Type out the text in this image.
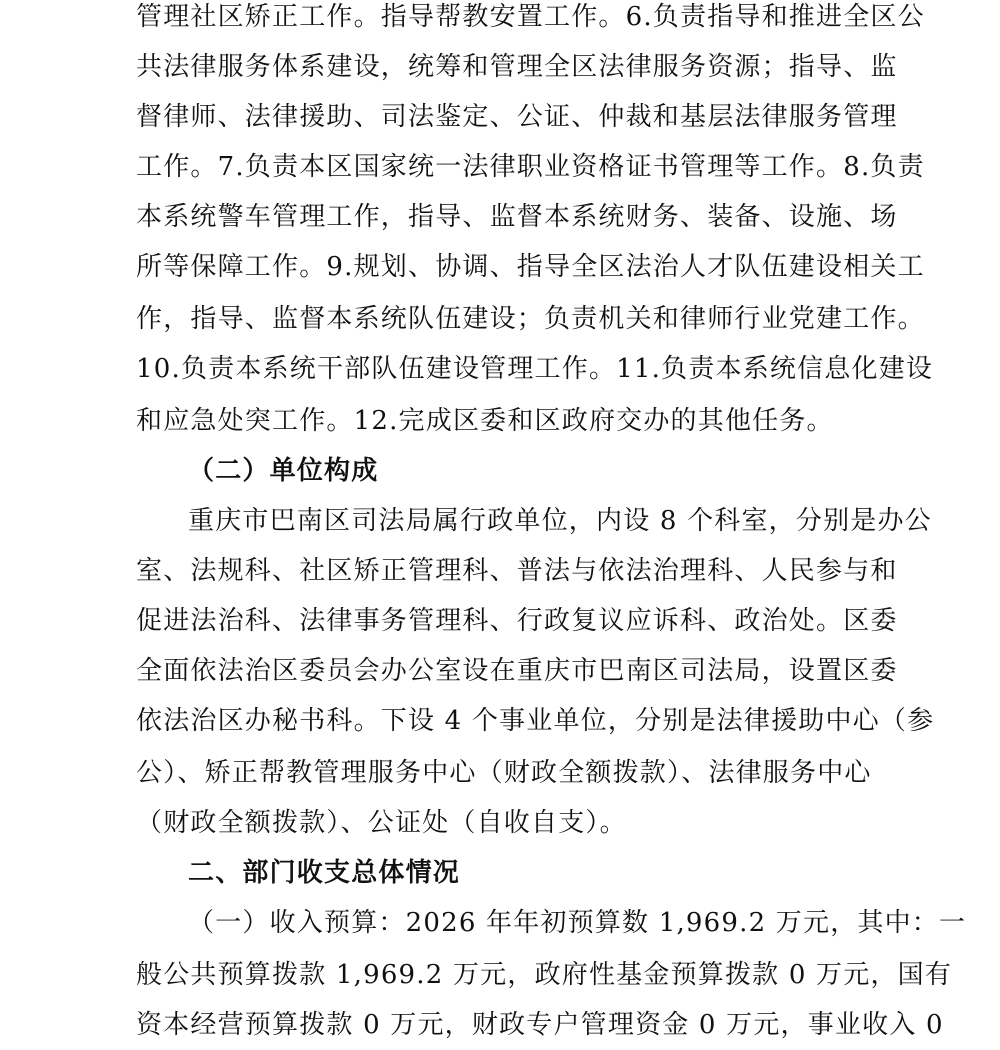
管理社区矫正工作。指导帮教安置工作。6.负责指导和推进全区公
共法律服务体系建设，统筹和管理全区法律服务资源；指导、监
督律师、法律援助、司法鉴定、公证、仲裁和基层法律服务管理
工作。7.负责本区国家统一法律职业资格证书管理等工作。8.负责
本系统警车管理工作，指导、监督本系统财务、装备、设施、场
所等保障工作。9.规划、协调、指导全区法治人才队伍建设相关工
作，指导、监督本系统队伍建设；负责机关和律师行业党建工作。
10.负责本系统干部队伍建设管理工作。11.负责本系统信息化建设
和应急处突工作。12.完成区委和区政府交办的其他任务。
（二）单位构成
重庆市巴南区司法局属行政单位，内设 8 个科室，分别是办公
室、法规科、社区矫正管理科、普法与依法治理科、人民参与和
促进法治科、法律事务管理科、行政复议应诉科、政治处。区委
全面依法治区委员会办公室设在重庆市巴南区司法局，设置区委
依法治区办秘书科。下设 4 个事业单位，分别是法律援助中心（参
公）、矫正帮教管理服务中心（财政全额拨款）、法律服务中心
（财政全额拨款）、公证处（自收自支）。
二、部门收支总体情况
（一）收入预算：2026 年年初预算数 1,969.2 万元，其中：一
般公共预算拨款 1,969.2 万元，政府性基金预算拨款 0 万元，国有
资本经营预算拨款 0 万元，财政专户管理资金 0 万元，事业收入 0
